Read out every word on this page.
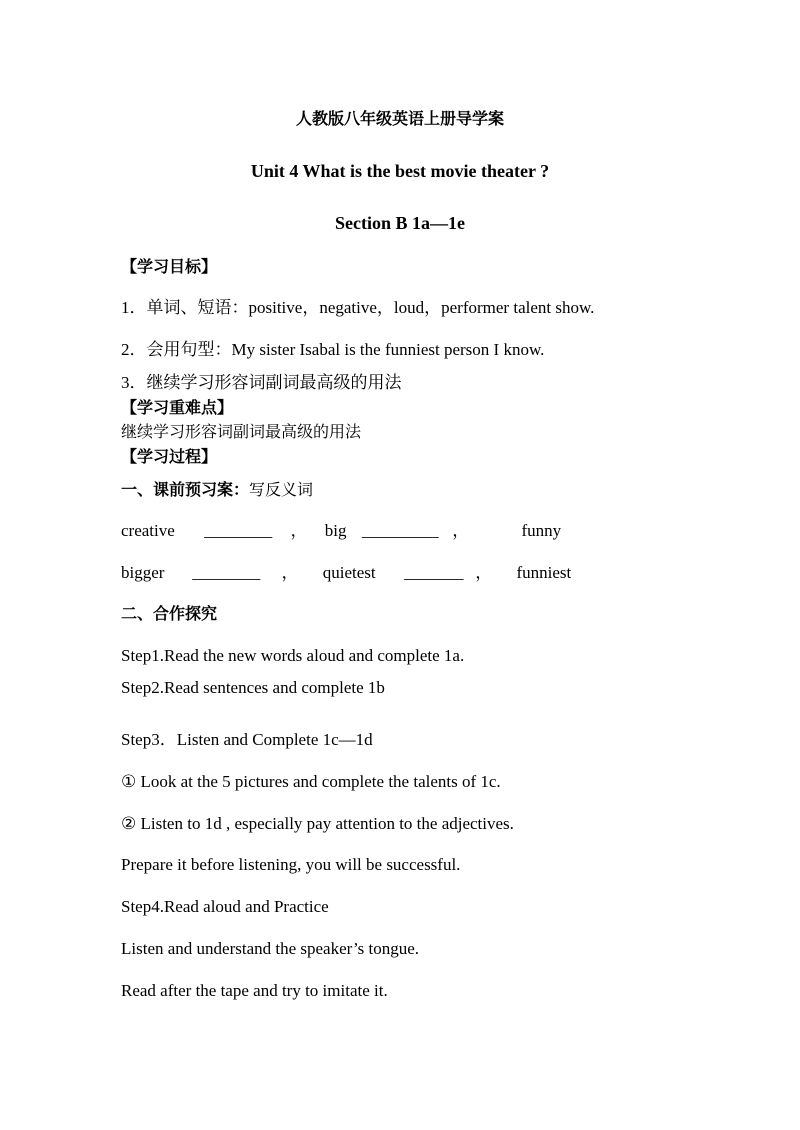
人教版八年级英语上册导学案
Unit 4 What is the best movie theater ?
Section B 1a—1e
【学习目标】
1．单词、短语：positive，negative，loud，performer talent show.
2．会用句型：My sister Isabal is the funniest person I know.
3．继续学习形容词副词最高级的用法
【学习重难点】
继续学习形容词副词最高级的用法
【学习过程】
一、课前预习案：写反义词
creative ________ ， big _________ ，	funny
bigger ________ ， quietest _______ ， funniest
二、合作探究
Step1.Read the new words aloud and complete 1a.
Step2.Read sentences and complete 1b
Step3．Listen and Complete 1c—1d
① Look at the 5 pictures and complete the talents of 1c.
② Listen to 1d , especially pay attention to the adjectives.
Prepare it before listening, you will be successful.
Step4.Read aloud and Practice
Listen and understand the speaker’s tongue.
Read after the tape and try to imitate it.
